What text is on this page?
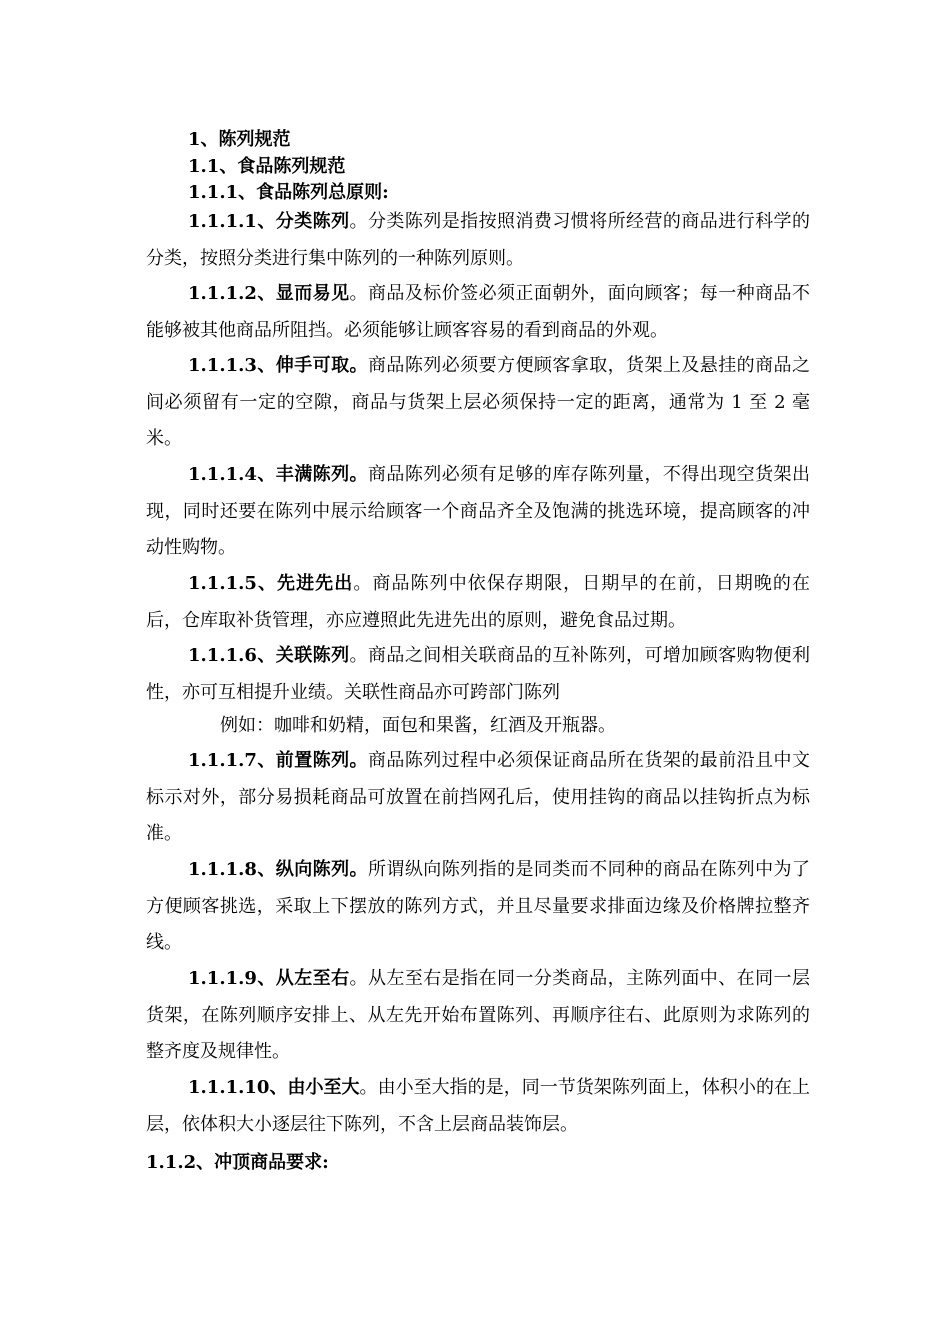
1、陈列规范
1.1、食品陈列规范
1.1.1、食品陈列总原则:
1.1.1.1、分类陈列。分类陈列是指按照消费习惯将所经营的商品进行科学的分类，按照分类进行集中陈列的一种陈列原则。
1.1.1.2、显而易见。商品及标价签必须正面朝外，面向顾客；每一种商品不能够被其他商品所阻挡。必须能够让顾客容易的看到商品的外观。
1.1.1.3、伸手可取。商品陈列必须要方便顾客拿取，货架上及悬挂的商品之间必须留有一定的空隙，商品与货架上层必须保持一定的距离，通常为 1 至 2 毫米。
1.1.1.4、丰满陈列。商品陈列必须有足够的库存陈列量，不得出现空货架出现，同时还要在陈列中展示给顾客一个商品齐全及饱满的挑选环境，提高顾客的冲动性购物。
1.1.1.5、先进先出。商品陈列中依保存期限，日期早的在前，日期晚的在后，仓库取补货管理，亦应遵照此先进先出的原则，避免食品过期。
1.1.1.6、关联陈列。商品之间相关联商品的互补陈列，可增加顾客购物便利性，亦可互相提升业绩。关联性商品亦可跨部门陈列
例如：咖啡和奶精，面包和果酱，红酒及开瓶器。
1.1.1.7、前置陈列。商品陈列过程中必须保证商品所在货架的最前沿且中文标示对外，部分易损耗商品可放置在前挡网孔后，使用挂钩的商品以挂钩折点为标准。
1.1.1.8、纵向陈列。所谓纵向陈列指的是同类而不同种的商品在陈列中为了方便顾客挑选，采取上下摆放的陈列方式，并且尽量要求排面边缘及价格牌拉整齐线。
1.1.1.9、从左至右。从左至右是指在同一分类商品，主陈列面中、在同一层货架，在陈列顺序安排上、从左先开始布置陈列、再顺序往右、此原则为求陈列的整齐度及规律性。
1.1.1.10、由小至大。由小至大指的是，同一节货架陈列面上，体积小的在上层，依体积大小逐层往下陈列，不含上层商品装饰层。
1.1.2、冲顶商品要求:
